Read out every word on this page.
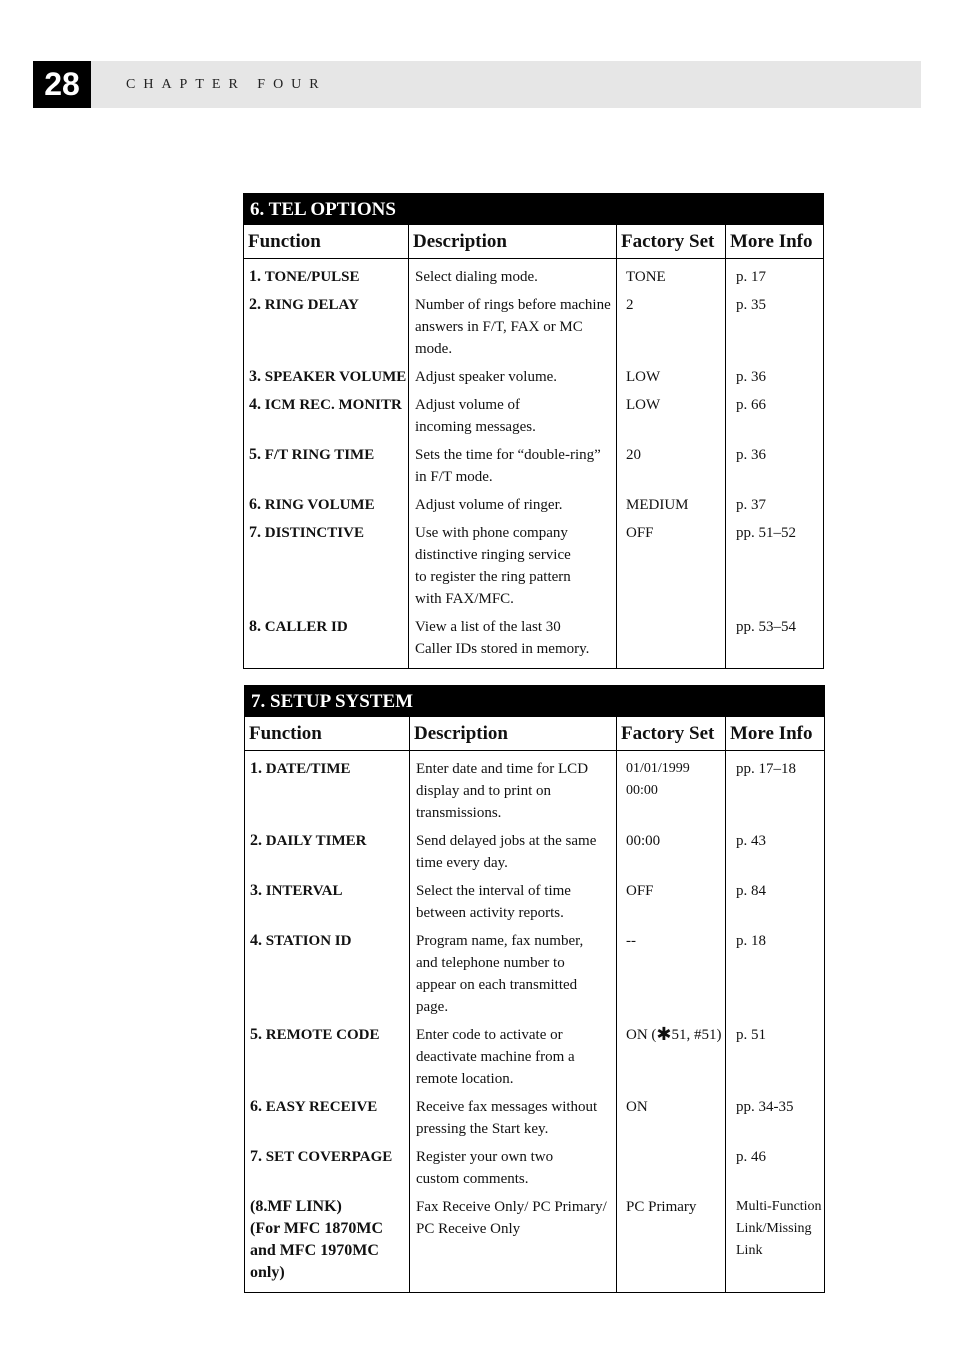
28	CHAPTER FOUR
6. TEL OPTIONS			
Function	Description	Factory Set	More Info
1. TONE/PULSE	Select dialing mode.	TONE	p. 17
2. RING DELAY	Number of rings before machine
answers in F/T, FAX or MC
mode.	2	p. 35
3. SPEAKER VOLUME	Adjust speaker volume.	LOW	p. 36
4. ICM REC. MONITR	Adjust volume of
incoming messages.	LOW	p. 66
5. F/T RING TIME	Sets the time for “double-ring”
in F/T mode.	20	p. 36
6. RING VOLUME	Adjust volume of ringer.	MEDIUM	p. 37
7. DISTINCTIVE	Use with phone company
distinctive ringing service
to register the ring pattern
with FAX/MFC.	OFF	pp. 51–52
8. CALLER ID	View a list of the last 30
Caller IDs stored in memory.		pp. 53–54
7. SETUP SYSTEM			
Function	Description	Factory Set	More Info
1. DATE/TIME	Enter date and time for LCD
display and to print on
transmissions.	01/01/1999 00:00	pp. 17–18
2. DAILY TIMER	Send delayed jobs at the same
time every day.	00:00	p. 43
3. INTERVAL	Select the interval of time
between activity reports.	OFF	p. 84
4. STATION ID	Program name, fax number,
and telephone number to
appear on each transmitted page.	--	p. 18
5. REMOTE CODE	Enter code to activate or
deactivate machine from a
remote location.	ON (✱51, #51)	p. 51
6. EASY RECEIVE	Receive fax messages without
pressing the Start key.	ON	pp. 34-35
7. SET COVERPAGE	Register your own two
custom comments.		p. 46
(8.MF LINK)
(For MFC 1870MC
and MFC 1970MC only)	Fax Receive Only/ PC Primary/
PC Receive Only	PC Primary	Multi-Function
Link/Missing
Link
